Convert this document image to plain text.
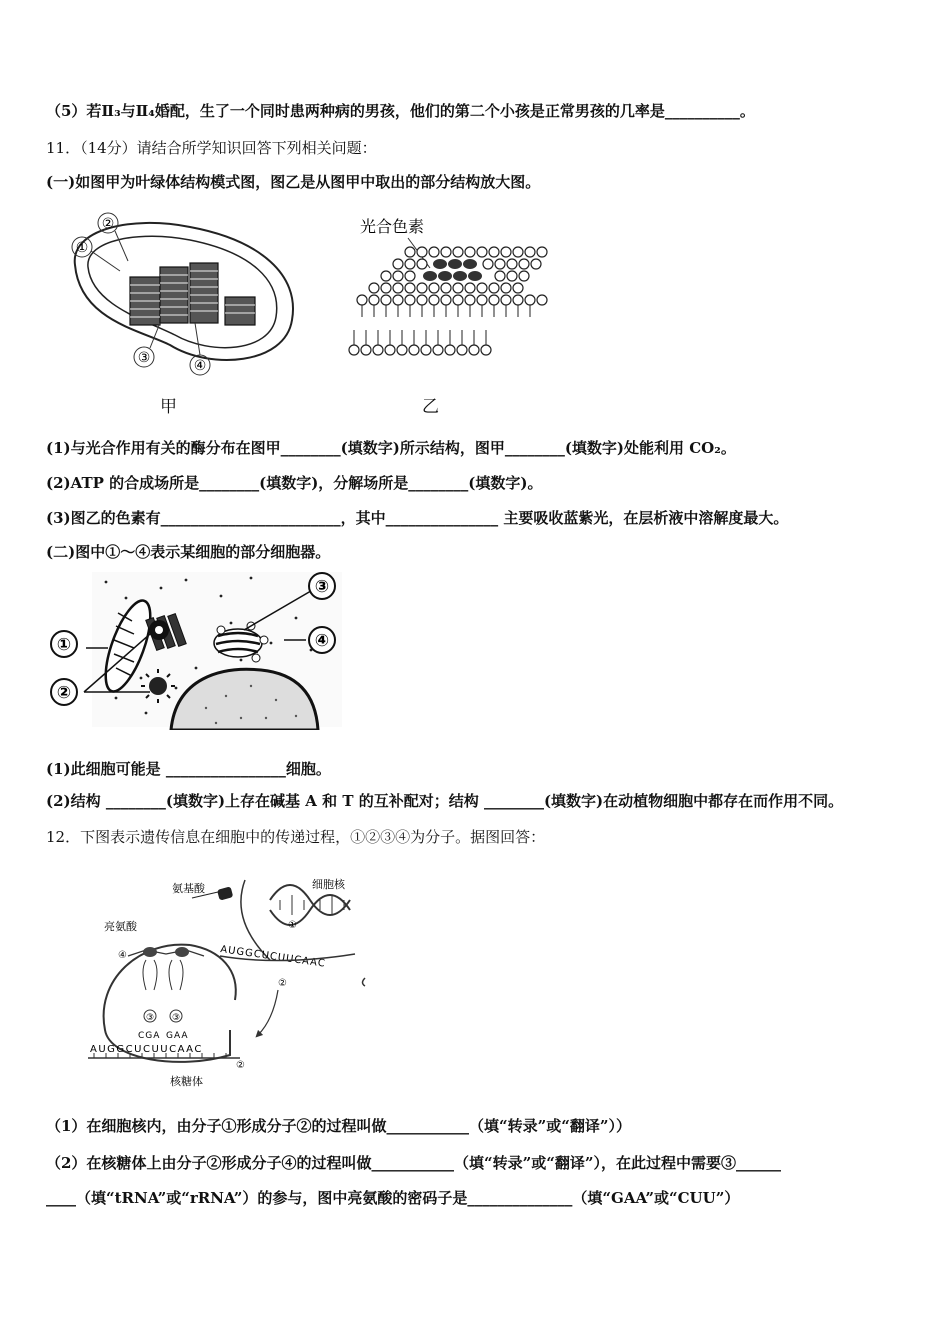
（5）若Ⅱ₃与Ⅱ₄婚配，生了一个同时患两种病的男孩，他们的第二个小孩是正常男孩的几率是__________。
11．（14分）请结合所学知识回答下列相关问题：
(一)如图甲为叶绿体结构模式图，图乙是从图甲中取出的部分结构放大图。
②
①
③	④
光合色素
甲	乙
(1)与光合作用有关的酶分布在图甲________(填数字)所示结构，图甲________(填数字)处能利用 CO₂。
(2)ATP 的合成场所是________(填数字)，分解场所是________(填数字)。
(3)图乙的色素有________________________，其中_______________ 主要吸收蓝紫光，在层析液中溶解度最大。
(二)图中①～④表示某细胞的部分细胞器。
①
②
③
④
(1)此细胞可能是 ________________细胞。
(2)结构 ________(填数字)上存在碱基 A 和 T 的互补配对；结构 ________(填数字)在动植物细胞中都存在而作用不同。
12．下图表示遗传信息在细胞中的传递过程，①②③④为分子。据图回答：
氨基酸	细胞核
亮氨酸
核糖体
①
AUGGCUCUUCAAC
②
④
③ ③
CGA GAA
AUGGCUCUUCAAC
②
（1）在细胞核内，由分子①形成分子②的过程叫做___________（填“转录”或“翻译”））
（2）在核糖体上由分子②形成分子④的过程叫做___________（填“转录”或“翻译”），在此过程中需要③______
____（填“tRNA”或“rRNA”）的参与，图中亮氨酸的密码子是______________（填“GAA”或“CUU”）
